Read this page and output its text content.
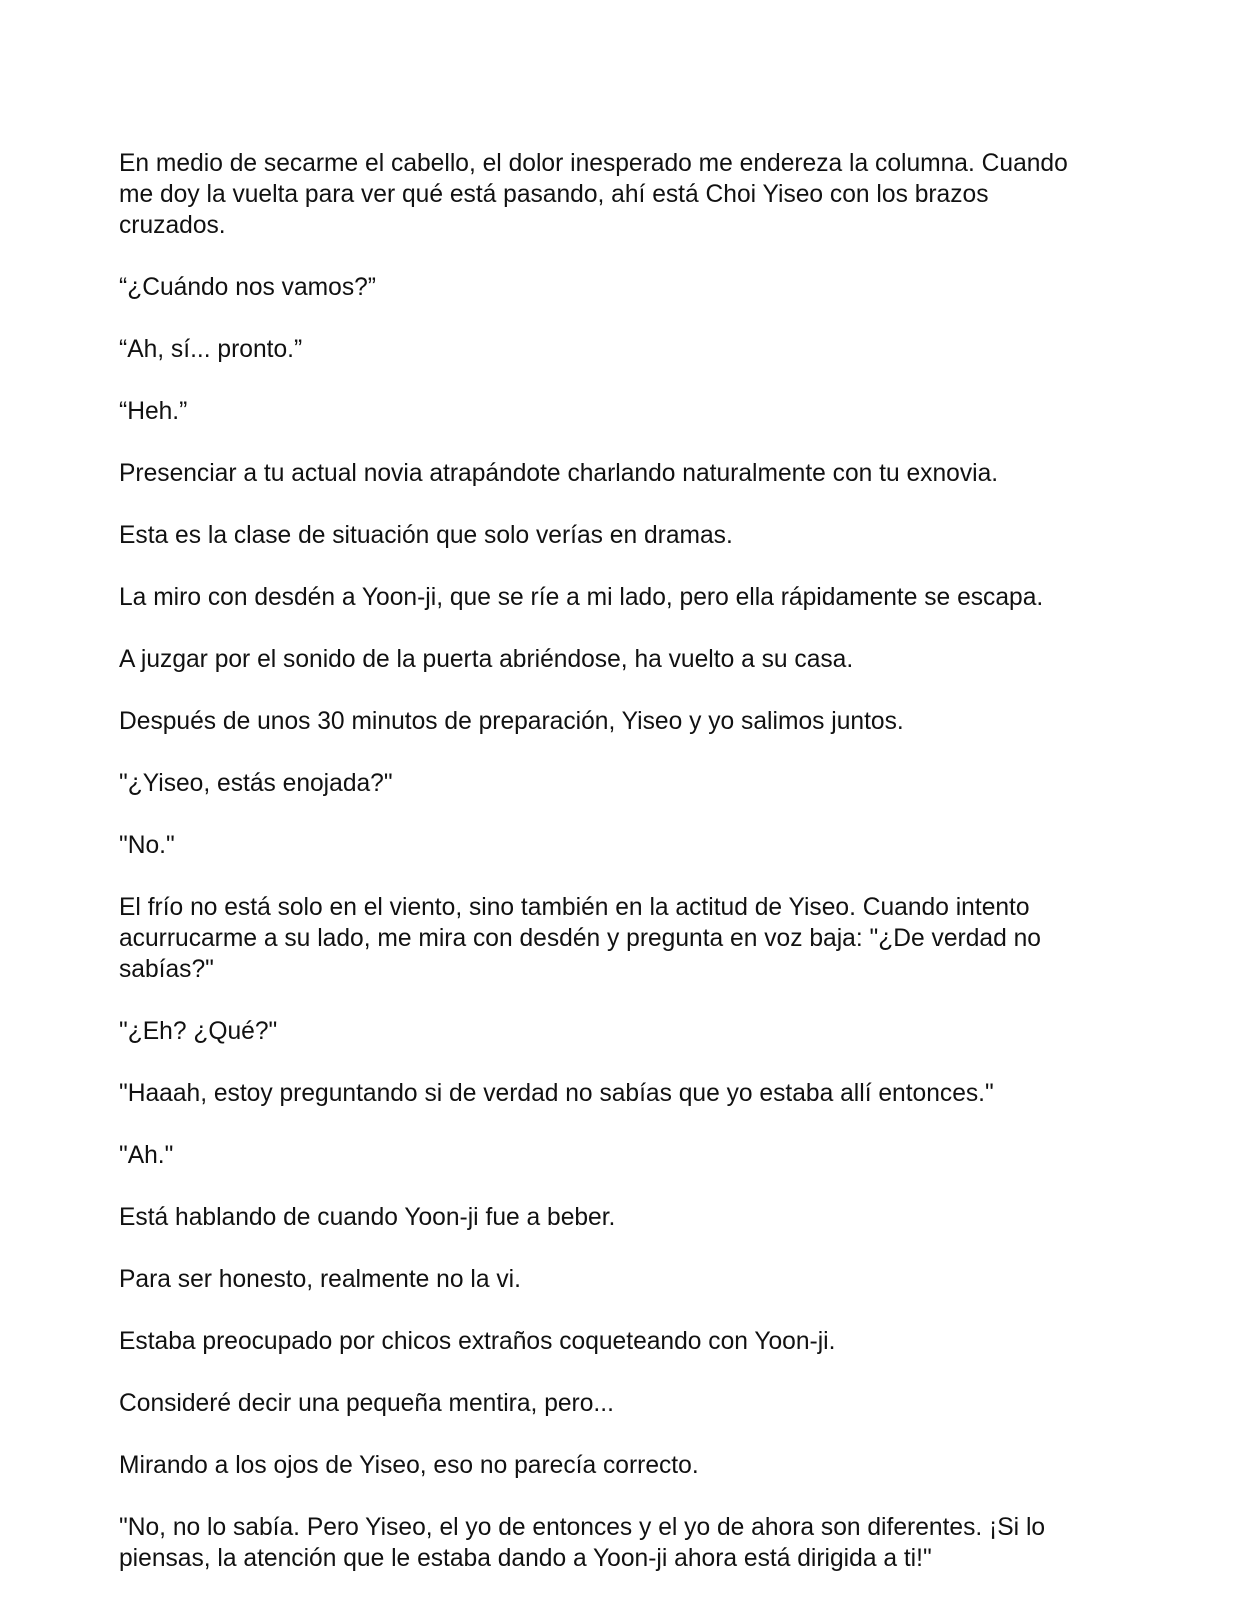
En medio de secarme el cabello, el dolor inesperado me endereza la columna. Cuando me doy la vuelta para ver qué está pasando, ahí está Choi Yiseo con los brazos cruzados.

“¿Cuándo nos vamos?”

“Ah, sí... pronto.”

“Heh.”

Presenciar a tu actual novia atrapándote charlando naturalmente con tu exnovia.

Esta es la clase de situación que solo verías en dramas.

La miro con desdén a Yoon-ji, que se ríe a mi lado, pero ella rápidamente se escapa.

A juzgar por el sonido de la puerta abriéndose, ha vuelto a su casa.

Después de unos 30 minutos de preparación, Yiseo y yo salimos juntos.

"¿Yiseo, estás enojada?"

"No."

El frío no está solo en el viento, sino también en la actitud de Yiseo. Cuando intento acurrucarme a su lado, me mira con desdén y pregunta en voz baja: "¿De verdad no sabías?"

"¿Eh? ¿Qué?"

"Haaah, estoy preguntando si de verdad no sabías que yo estaba allí entonces."

"Ah."

Está hablando de cuando Yoon-ji fue a beber.

Para ser honesto, realmente no la vi.

Estaba preocupado por chicos extraños coqueteando con Yoon-ji.

Consideré decir una pequeña mentira, pero...

Mirando a los ojos de Yiseo, eso no parecía correcto.

"No, no lo sabía. Pero Yiseo, el yo de entonces y el yo de ahora son diferentes. ¡Si lo piensas, la atención que le estaba dando a Yoon-ji ahora está dirigida a ti!"
